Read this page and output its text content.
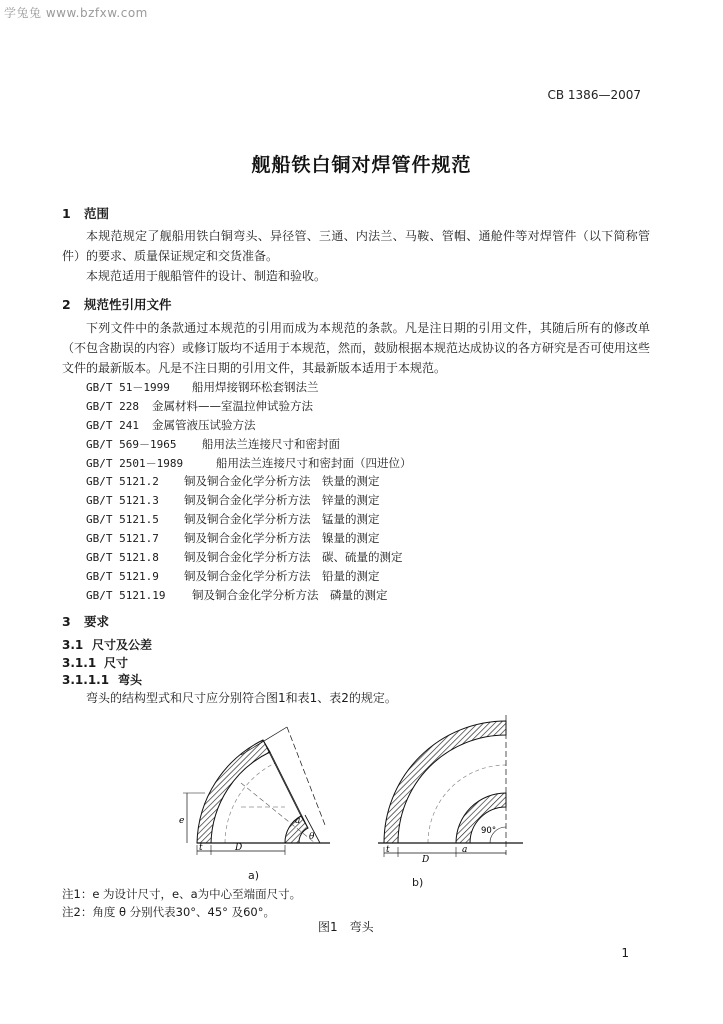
学兔兔 www.bzfxw.com
CB 1386—2007
舰船铁白铜对焊管件规范
1 范围
本规范规定了舰船用铁白铜弯头、异径管、三通、内法兰、马鞍、管帽、通舱件等对焊管件（以下简称管件）的要求、质量保证规定和交货准备。
本规范适用于舰船管件的设计、制造和验收。
2 规范性引用文件
下列文件中的条款通过本规范的引用而成为本规范的条款。凡是注日期的引用文件，其随后所有的修改单（不包含勘误的内容）或修订版均不适用于本规范，然而，鼓励根据本规范达成协议的各方研究是否可使用这些文件的最新版本。凡是不注日期的引用文件，其最新版本适用于本规范。
GB/T 51－1999 船用焊接钢环松套钢法兰
GB/T 228 金属材料——室温拉伸试验方法
GB/T 241 金属管液压试验方法
GB/T 569－1965 船用法兰连接尺寸和密封面
GB/T 2501－1989	船用法兰连接尺寸和密封面（四进位）
GB/T 5121.2 铜及铜合金化学分析方法　铁量的测定
GB/T 5121.3 铜及铜合金化学分析方法　锌量的测定
GB/T 5121.5 铜及铜合金化学分析方法　锰量的测定
GB/T 5121.7 铜及铜合金化学分析方法　镍量的测定
GB/T 5121.8 铜及铜合金化学分析方法　碳、硫量的测定
GB/T 5121.9 铜及铜合金化学分析方法　铅量的测定
GB/T 5121.19 铜及铜合金化学分析方法　磷量的测定
3 要求
3.1 尺寸及公差
3.1.1 尺寸
3.1.1.1 弯头
弯头的结构型式和尺寸应分别符合图1和表1、表2的规定。
e
t	D
a
θ
t
D
a
90°
a)
b)
注1：e 为设计尺寸，e、a为中心至端面尺寸。
注2：角度 θ 分别代表30°、45° 及60°。
图1　弯头
1
